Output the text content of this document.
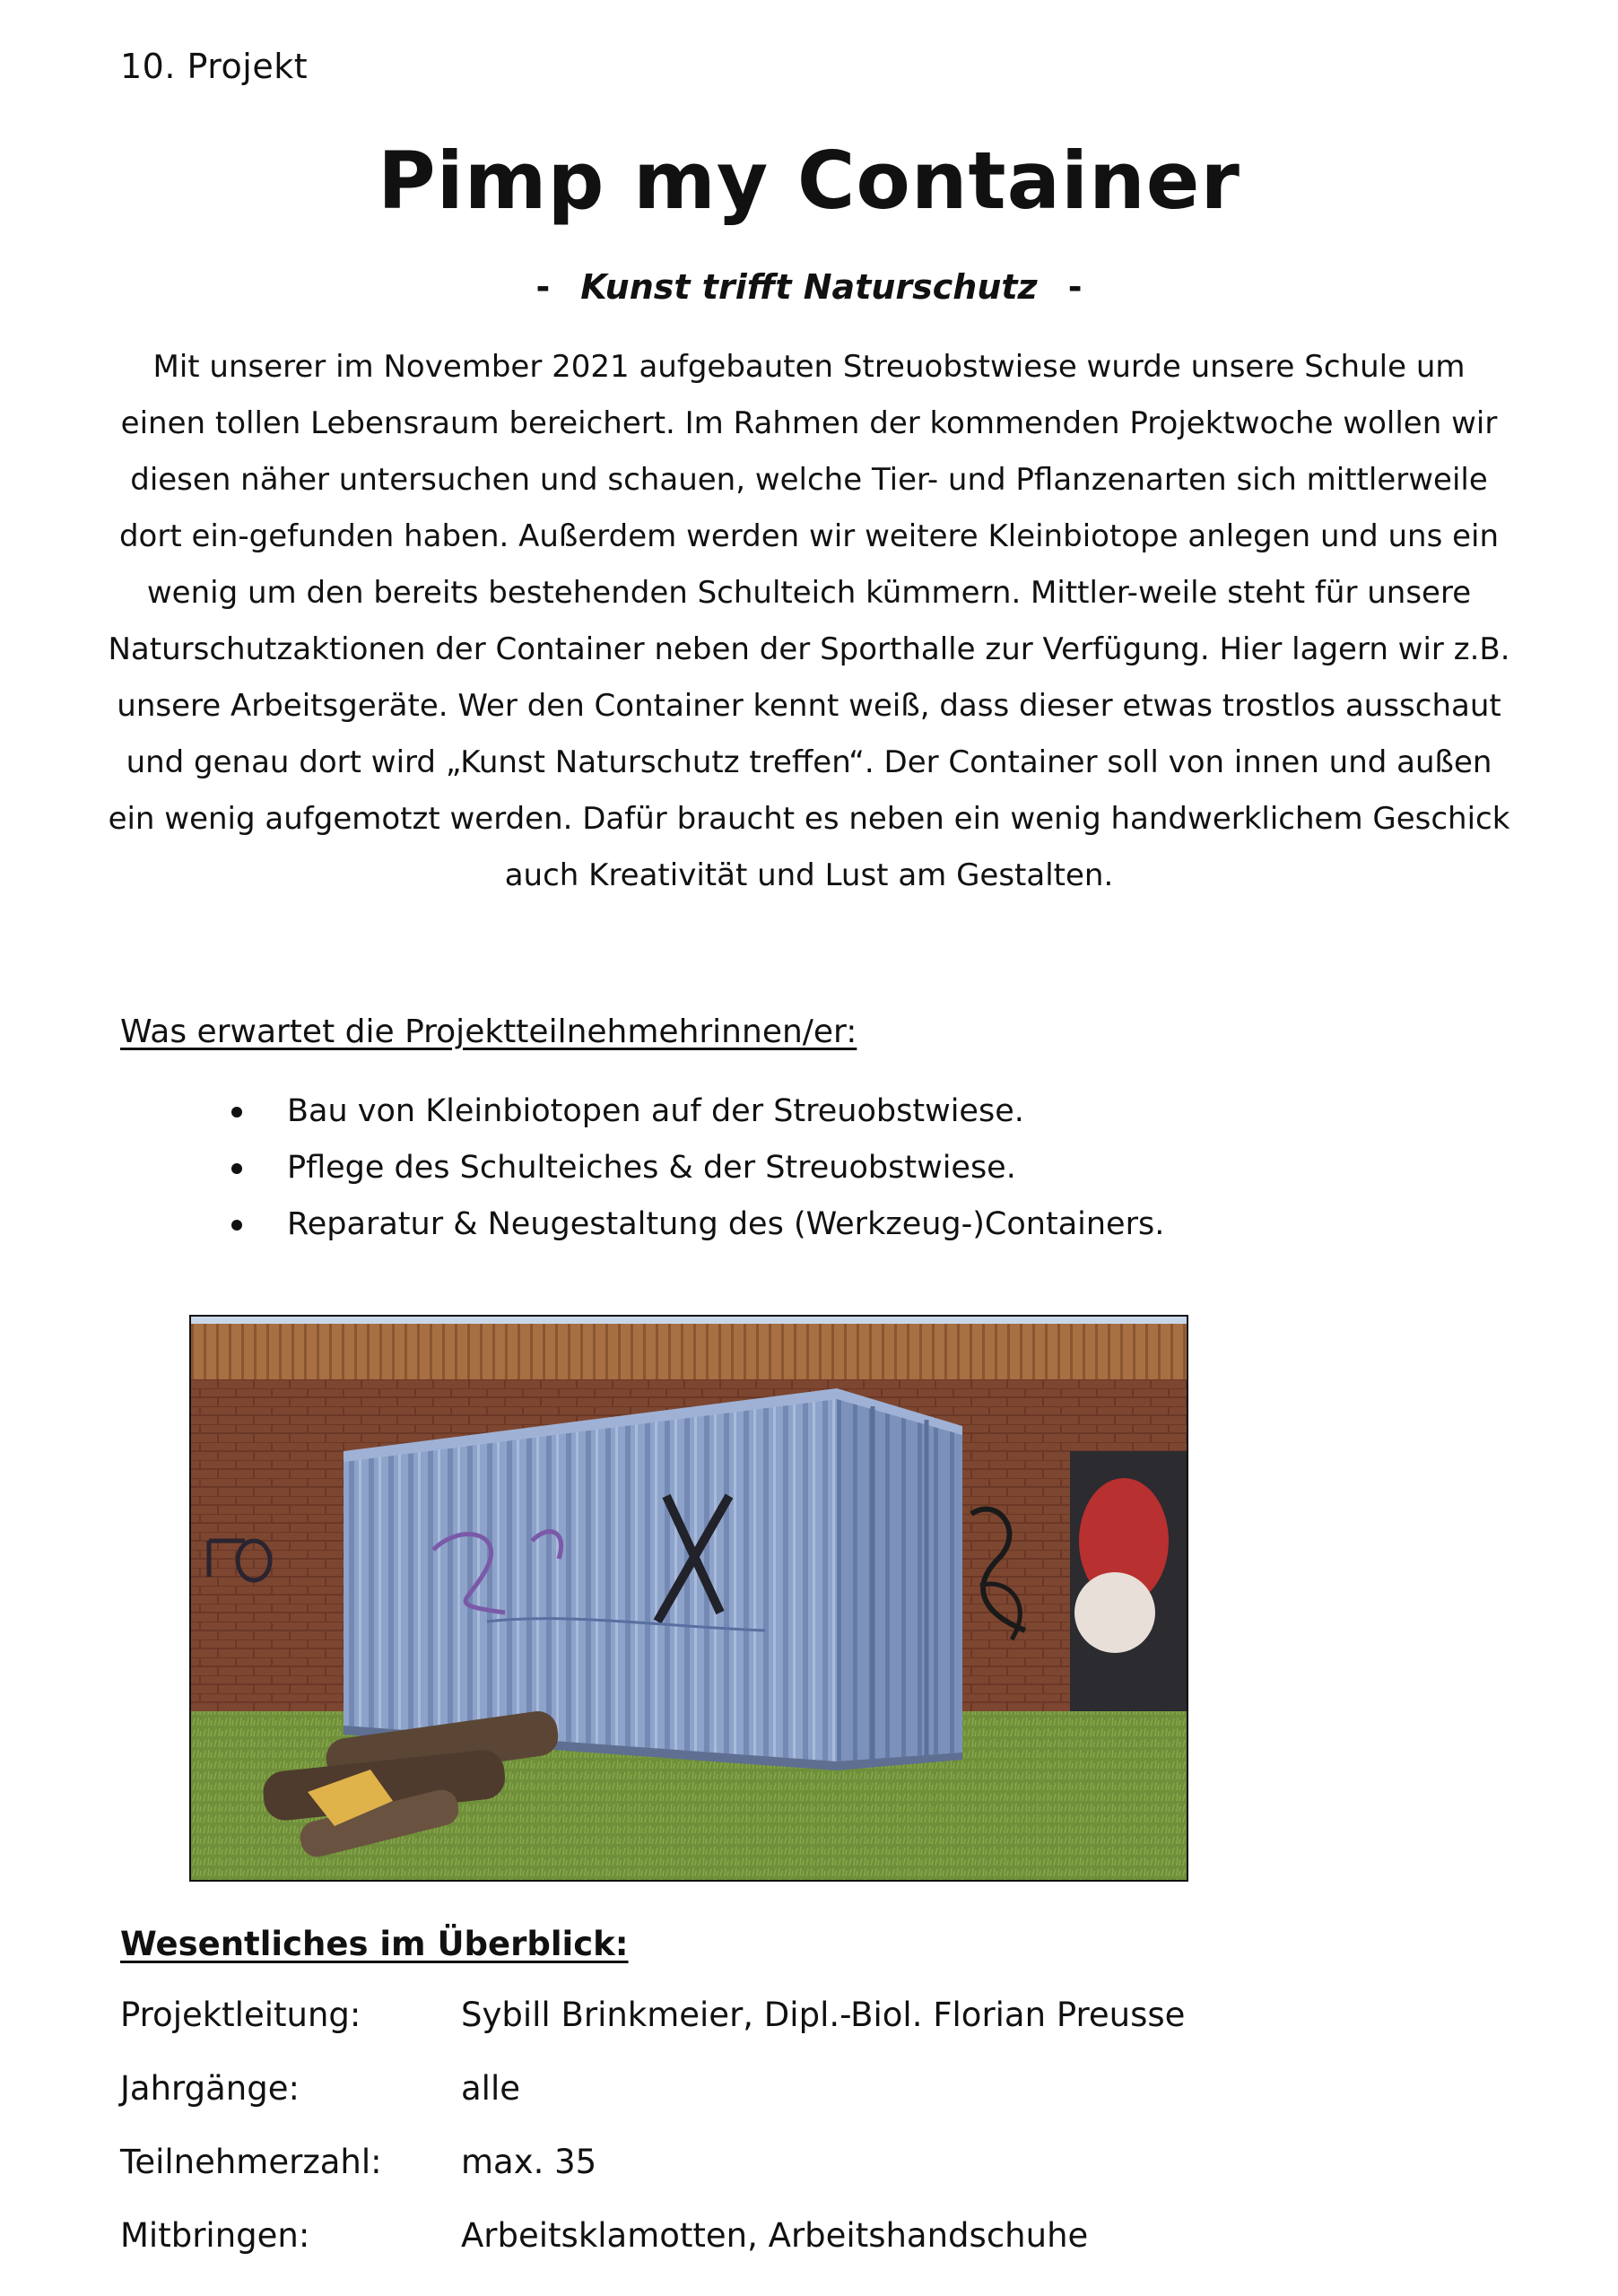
10. Projekt
Pimp my Container
- Kunst trifft Naturschutz -

Mit unserer im November 2021 aufgebauten Streuobstwiese wurde unsere Schule um einen tollen Lebensraum bereichert. Im Rahmen der kommenden Projektwoche wollen wir diesen näher untersuchen und schauen, welche Tier- und Pflanzenarten sich mittlerweile dort ein-gefunden haben. Außerdem werden wir weitere Kleinbiotope anlegen und uns ein wenig um den bereits bestehenden Schulteich kümmern. Mittler-weile steht für unsere Naturschutzaktionen der Container neben der Sporthalle zur Verfügung. Hier lagern wir z.B. unsere Arbeitsgeräte. Wer den Container kennt weiß, dass dieser etwas trostlos ausschaut und genau dort wird „Kunst Naturschutz treffen“. Der Container soll von innen und außen ein wenig aufgemotzt werden. Dafür braucht es neben ein wenig handwerklichem Geschick auch Kreativität und Lust am Gestalten.

Was erwartet die Projektteilnehmehrinnen/er:
Bau von Kleinbiotopen auf der Streuobstwiese.
Pflege des Schulteiches & der Streuobstwiese.
Reparatur & Neugestaltung des (Werkzeug-)Containers.
Wesentliches im Überblick:
Projektleitung:	Sybill Brinkmeier, Dipl.-Biol. Florian Preusse
Jahrgänge:	alle
Teilnehmerzahl:	max. 35
Mitbringen:	Arbeitsklamotten, Arbeitshandschuhe
